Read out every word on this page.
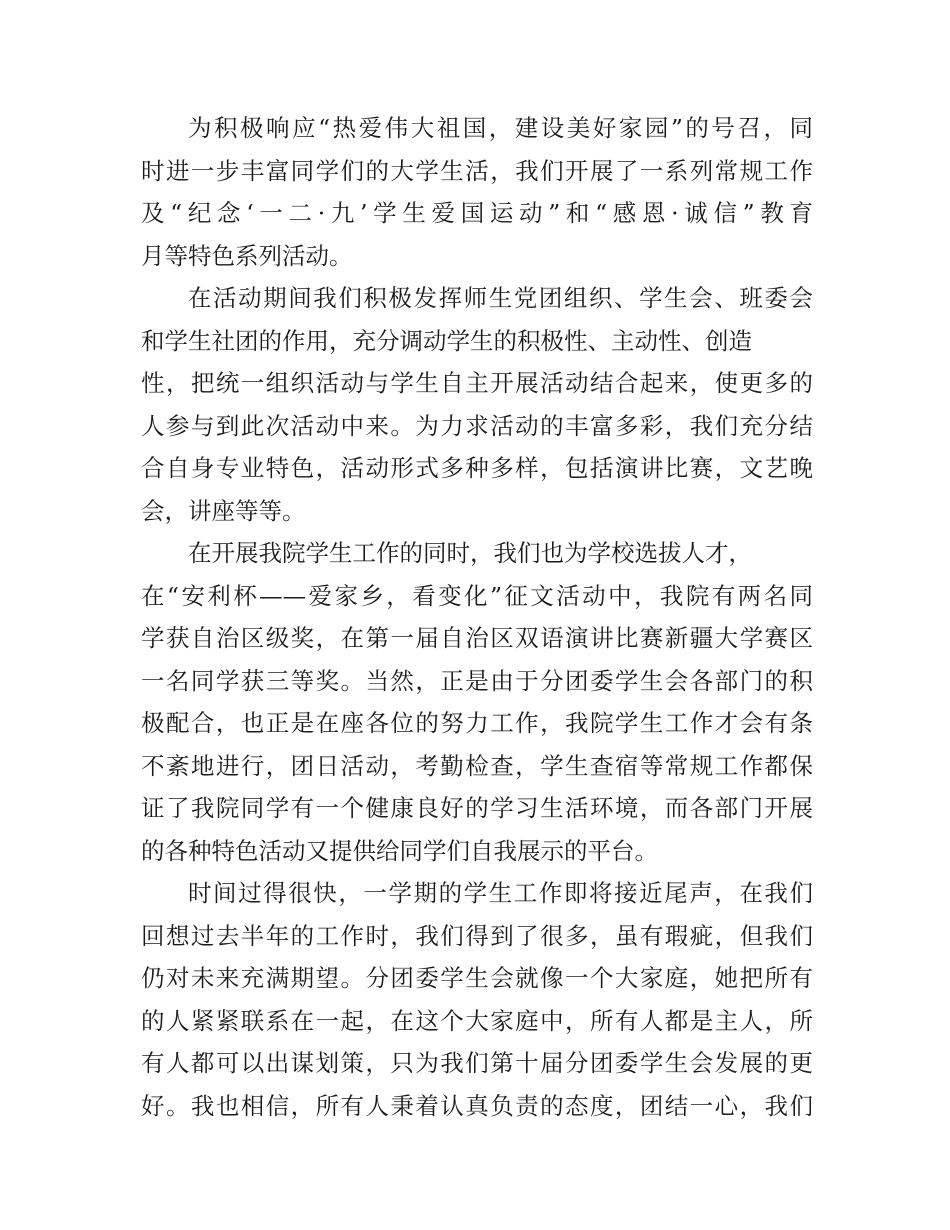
为积极响应“热爱伟大祖国，建设美好家园”的号召，同
时进一步丰富同学们的大学生活，我们开展了一系列常规工作
及“纪念‘一二·九’学生爱国运动”和“感恩·诚信”教育
月等特色系列活动。
在活动期间我们积极发挥师生党团组织、学生会、班委会
和学生社团的作用，充分调动学生的积极性、主动性、创造
性，把统一组织活动与学生自主开展活动结合起来，使更多的
人参与到此次活动中来。为力求活动的丰富多彩，我们充分结
合自身专业特色，活动形式多种多样，包括演讲比赛，文艺晚
会，讲座等等。
在开展我院学生工作的同时，我们也为学校选拔人才，
在“安利杯——爱家乡，看变化”征文活动中，我院有两名同
学获自治区级奖，在第一届自治区双语演讲比赛新疆大学赛区
一名同学获三等奖。当然，正是由于分团委学生会各部门的积
极配合，也正是在座各位的努力工作，我院学生工作才会有条
不紊地进行，团日活动，考勤检查，学生查宿等常规工作都保
证了我院同学有一个健康良好的学习生活环境，而各部门开展
的各种特色活动又提供给同学们自我展示的平台。
时间过得很快，一学期的学生工作即将接近尾声，在我们
回想过去半年的工作时，我们得到了很多，虽有瑕疵，但我们
仍对未来充满期望。分团委学生会就像一个大家庭，她把所有
的人紧紧联系在一起，在这个大家庭中，所有人都是主人，所
有人都可以出谋划策，只为我们第十届分团委学生会发展的更
好。我也相信，所有人秉着认真负责的态度，团结一心，我们
